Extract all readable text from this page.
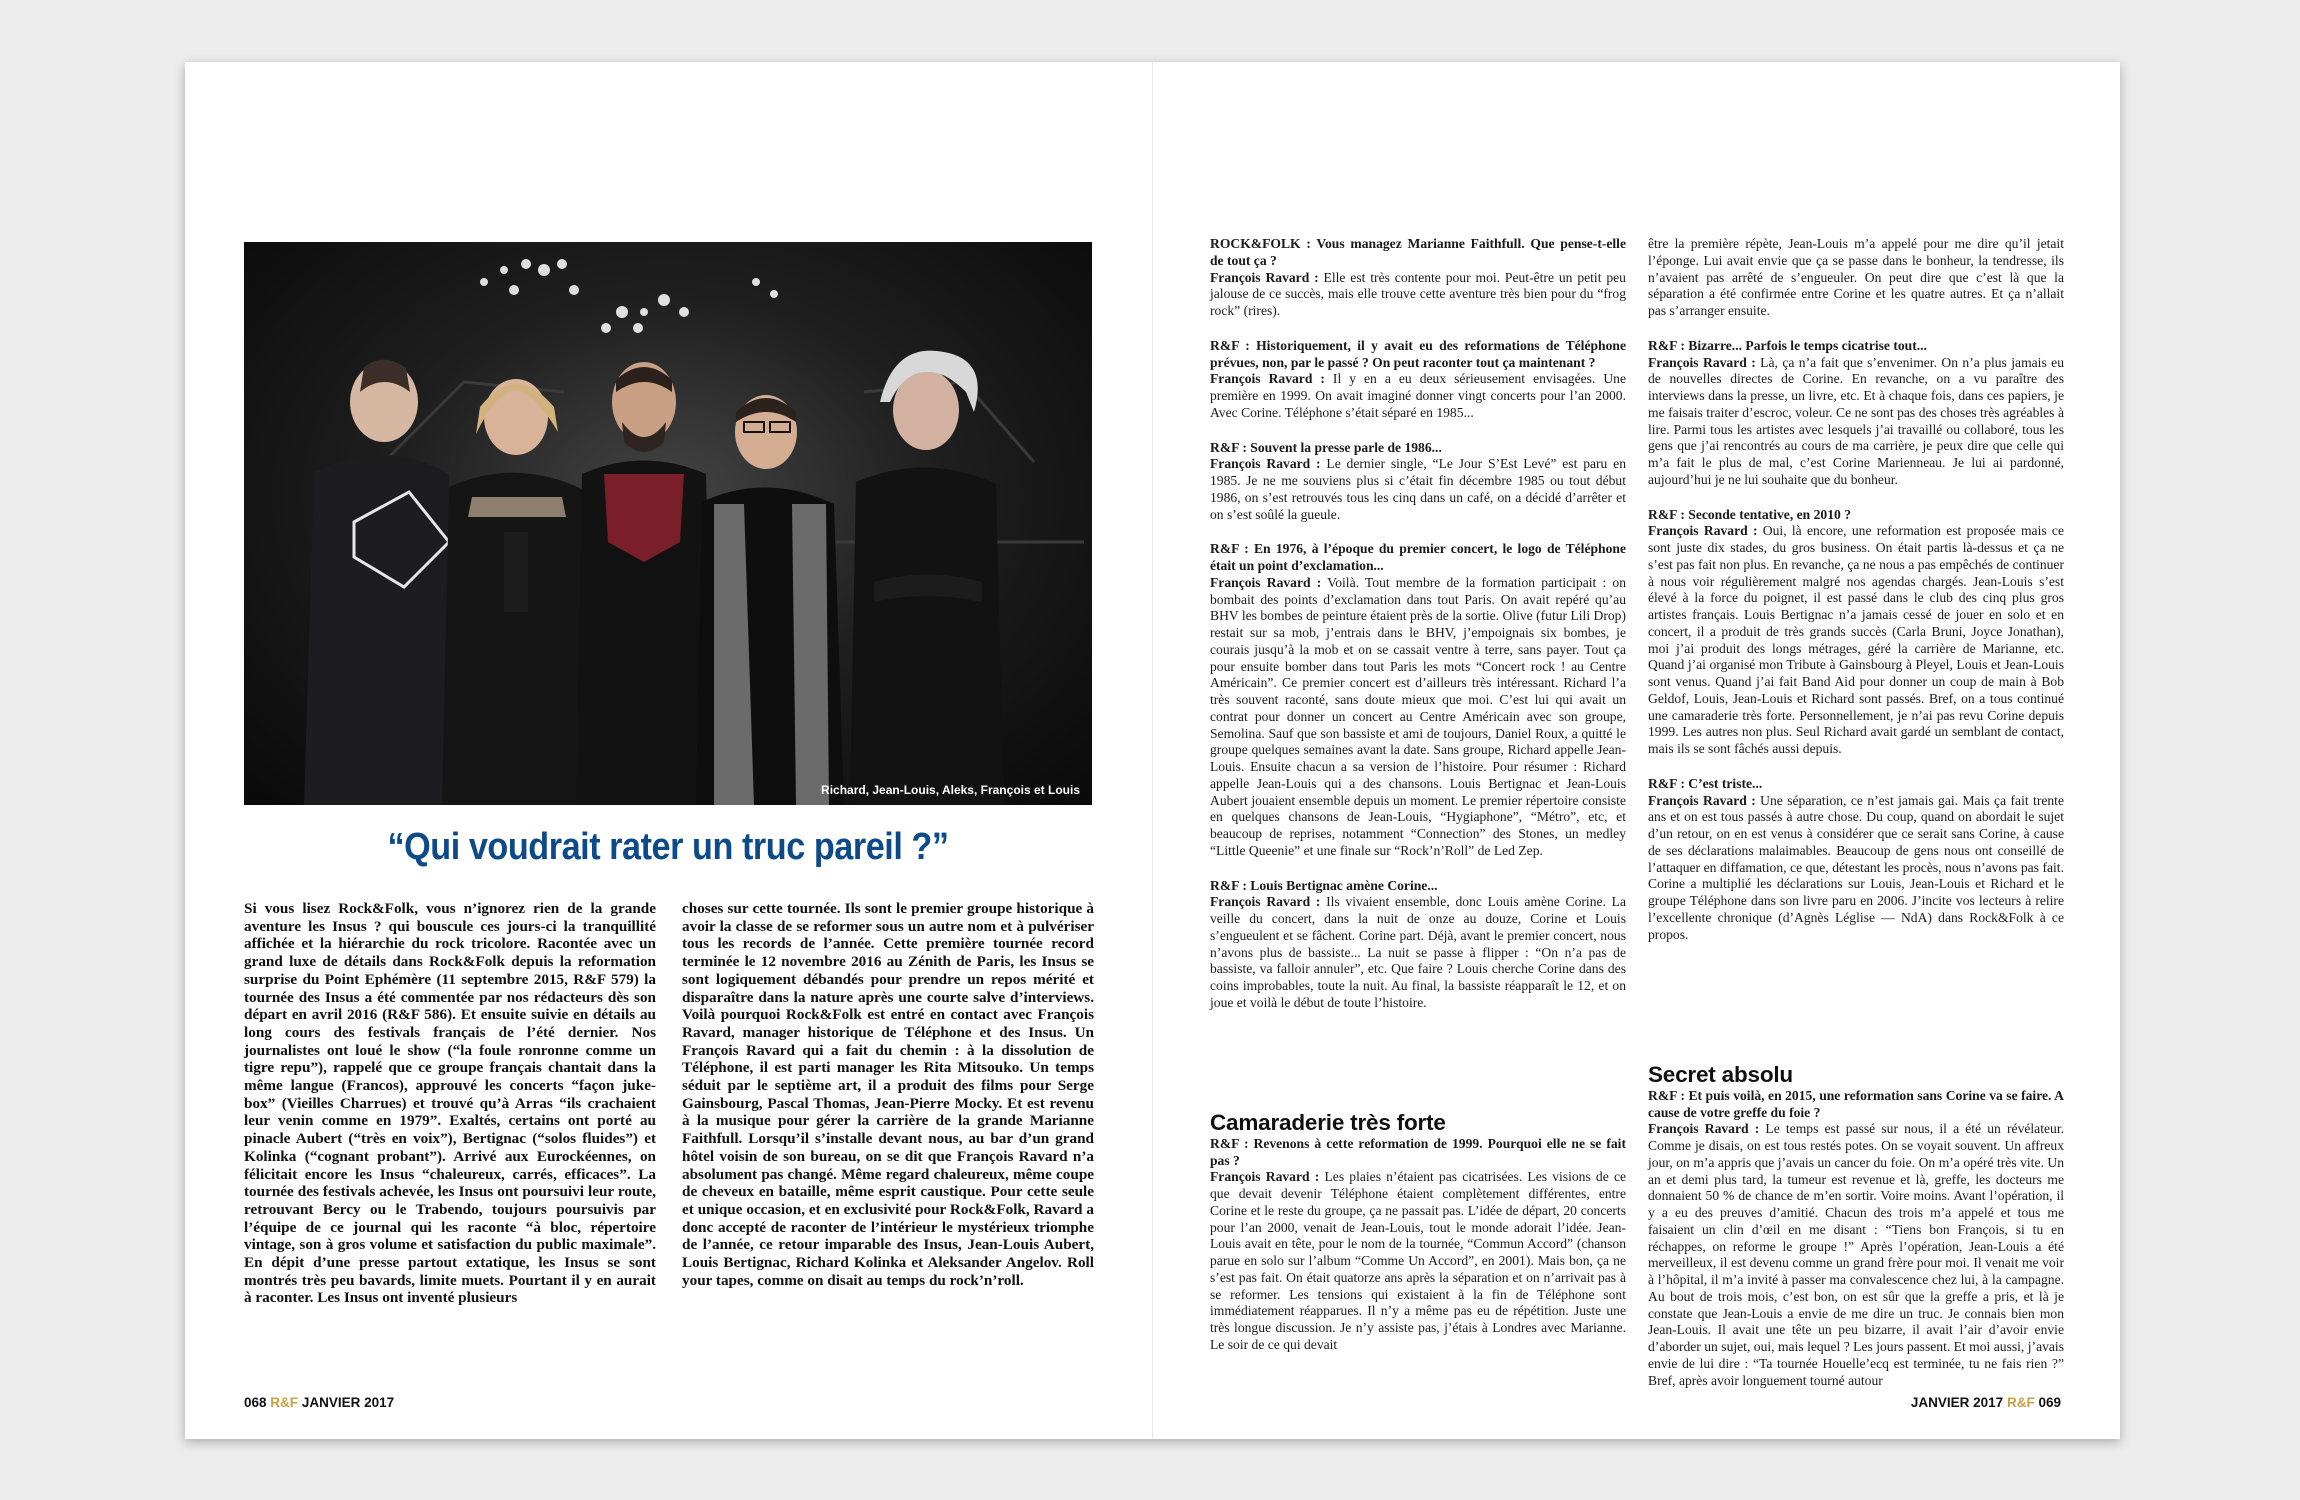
Richard, Jean-Louis, Aleks, François et Louis
“Qui voudrait rater un truc pareil ?”
Si vous lisez Rock&Folk, vous n’ignorez rien de la grande aventure les Insus ? qui bouscule ces jours-ci la tranquillité affichée et la hiérarchie du rock tricolore. Racontée avec un grand luxe de détails dans Rock&Folk depuis la reformation surprise du Point Ephémère (11 septembre 2015, R&F 579) la tournée des Insus a été commentée par nos rédacteurs dès son départ en avril 2016 (R&F 586). Et ensuite suivie en détails au long cours des festivals français de l’été dernier. Nos journalistes ont loué le show (“la foule ronronne comme un tigre repu”), rappelé que ce groupe français chantait dans la même langue (Francos), approuvé les concerts “façon juke-box” (Vieilles Charrues) et trouvé qu’à Arras “ils crachaient leur venin comme en 1979”. Exaltés, certains ont porté au pinacle Aubert (“très en voix”), Bertignac (“solos fluides”) et Kolinka (“cognant probant”). Arrivé aux Eurockéennes, on félicitait encore les Insus “chaleureux, carrés, efficaces”. La tournée des festivals achevée, les Insus ont poursuivi leur route, retrouvant Bercy ou le Trabendo, toujours poursuivis par l’équipe de ce journal qui les raconte “à bloc, répertoire vintage, son à gros volume et satisfaction du public maximale”. En dépit d’une presse partout extatique, les Insus se sont montrés très peu bavards, limite muets. Pourtant il y en aurait à raconter. Les Insus ont inventé plusieurs
choses sur cette tournée. Ils sont le premier groupe historique à avoir la classe de se reformer sous un autre nom et à pulvériser tous les records de l’année. Cette première tournée record terminée le 12 novembre 2016 au Zénith de Paris, les Insus se sont logiquement débandés pour prendre un repos mérité et disparaître dans la nature après une courte salve d’interviews. Voilà pourquoi Rock&Folk est entré en contact avec François Ravard, manager historique de Téléphone et des Insus. Un François Ravard qui a fait du chemin : à la dissolution de Téléphone, il est parti manager les Rita Mitsouko. Un temps séduit par le septième art, il a produit des films pour Serge Gainsbourg, Pascal Thomas, Jean-Pierre Mocky. Et est revenu à la musique pour gérer la carrière de la grande Marianne Faithfull. Lorsqu’il s’installe devant nous, au bar d’un grand hôtel voisin de son bureau, on se dit que François Ravard n’a absolument pas changé. Même regard chaleureux, même coupe de cheveux en bataille, même esprit caustique. Pour cette seule et unique occasion, et en exclusivité pour Rock&Folk, Ravard a donc accepté de raconter de l’intérieur le mystérieux triomphe de l’année, ce retour imparable des Insus, Jean-Louis Aubert, Louis Bertignac, Richard Kolinka et Aleksander Angelov. Roll your tapes, comme on disait au temps du rock’n’roll.

ROCK&FOLK : Vous managez Marianne Faithfull. Que pense-t-elle de tout ça ?
François Ravard : Elle est très contente pour moi. Peut-être un petit peu jalouse de ce succès, mais elle trouve cette aventure très bien pour du “frog rock” (rires).

R&F : Historiquement, il y avait eu des reformations de Téléphone prévues, non, par le passé ? On peut raconter tout ça maintenant ?
François Ravard : Il y en a eu deux sérieusement envisagées. Une première en 1999. On avait imaginé donner vingt concerts pour l’an 2000. Avec Corine. Téléphone s’était séparé en 1985...

R&F : Souvent la presse parle de 1986...
François Ravard : Le dernier single, “Le Jour S’Est Levé” est paru en 1985. Je ne me souviens plus si c’était fin décembre 1985 ou tout début 1986, on s’est retrouvés tous les cinq dans un café, on a décidé d’arrêter et on s’est soûlé la gueule.

R&F : En 1976, à l’époque du premier concert, le logo de Téléphone était un point d’exclamation...
François Ravard : Voilà. Tout membre de la formation participait : on bombait des points d’exclamation dans tout Paris. On avait repéré qu’au BHV les bombes de peinture étaient près de la sortie. Olive (futur Lili Drop) restait sur sa mob, j’entrais dans le BHV, j’empoignais six bombes, je courais jusqu’à la mob et on se cassait ventre à terre, sans payer. Tout ça pour ensuite bomber dans tout Paris les mots “Concert rock ! au Centre Américain”. Ce premier concert est d’ailleurs très intéressant. Richard l’a très souvent raconté, sans doute mieux que moi. C’est lui qui avait un contrat pour donner un concert au Centre Américain avec son groupe, Semolina. Sauf que son bassiste et ami de toujours, Daniel Roux, a quitté le groupe quelques semaines avant la date. Sans groupe, Richard appelle Jean-Louis. Ensuite chacun a sa version de l’histoire. Pour résumer : Richard appelle Jean-Louis qui a des chansons. Louis Bertignac et Jean-Louis Aubert jouaient ensemble depuis un moment. Le premier répertoire consiste en quelques chansons de Jean-Louis, “Hygiaphone”, “Métro”, etc, et beaucoup de reprises, notamment “Connection” des Stones, un medley “Little Queenie” et une finale sur “Rock’n’Roll” de Led Zep.

R&F : Louis Bertignac amène Corine...
François Ravard : Ils vivaient ensemble, donc Louis amène Corine. La veille du concert, dans la nuit de onze au douze, Corine et Louis s’engueulent et se fâchent. Corine part. Déjà, avant le premier concert, nous n’avons plus de bassiste... La nuit se passe à flipper : “On n’a pas de bassiste, va falloir annuler”, etc. Que faire ? Louis cherche Corine dans des coins improbables, toute la nuit. Au final, la bassiste réapparaît le 12, et on joue et voilà le début de toute l’histoire.

Camaraderie très forte

R&F : Revenons à cette reformation de 1999. Pourquoi elle ne se fait pas ?
François Ravard : Les plaies n’étaient pas cicatrisées. Les visions de ce que devait devenir Téléphone étaient complètement différentes, entre Corine et le reste du groupe, ça ne passait pas. L’idée de départ, 20 concerts pour l’an 2000, venait de Jean-Louis, tout le monde adorait l’idée. Jean-Louis avait en tête, pour le nom de la tournée, “Commun Accord” (chanson parue en solo sur l’album “Comme Un Accord”, en 2001). Mais bon, ça ne s’est pas fait. On était quatorze ans après la séparation et on n’arrivait pas à se reformer. Les tensions qui existaient à la fin de Téléphone sont immédiatement réapparues. Il n’y a même pas eu de répétition. Juste une très longue discussion. Je n’y assiste pas, j’étais à Londres avec Marianne. Le soir de ce qui devait

être la première répète, Jean-Louis m’a appelé pour me dire qu’il jetait l’éponge. Lui avait envie que ça se passe dans le bonheur, la tendresse, ils n’avaient pas arrêté de s’engueuler. On peut dire que c’est là que la séparation a été confirmée entre Corine et les quatre autres. Et ça n’allait pas s’arranger ensuite.

R&F : Bizarre... Parfois le temps cicatrise tout...
François Ravard : Là, ça n’a fait que s’envenimer. On n’a plus jamais eu de nouvelles directes de Corine. En revanche, on a vu paraître des interviews dans la presse, un livre, etc. Et à chaque fois, dans ces papiers, je me faisais traiter d’escroc, voleur. Ce ne sont pas des choses très agréables à lire. Parmi tous les artistes avec lesquels j’ai travaillé ou collaboré, tous les gens que j’ai rencontrés au cours de ma carrière, je peux dire que celle qui m’a fait le plus de mal, c’est Corine Marienneau. Je lui ai pardonné, aujourd’hui je ne lui souhaite que du bonheur.

R&F : Seconde tentative, en 2010 ?
François Ravard : Oui, là encore, une reformation est proposée mais ce sont juste dix stades, du gros business. On était partis là-dessus et ça ne s’est pas fait non plus. En revanche, ça ne nous a pas empêchés de continuer à nous voir régulièrement malgré nos agendas chargés. Jean-Louis s’est élevé à la force du poignet, il est passé dans le club des cinq plus gros artistes français. Louis Bertignac n’a jamais cessé de jouer en solo et en concert, il a produit de très grands succès (Carla Bruni, Joyce Jonathan), moi j’ai produit des longs métrages, géré la carrière de Marianne, etc. Quand j’ai organisé mon Tribute à Gainsbourg à Pleyel, Louis et Jean-Louis sont venus. Quand j’ai fait Band Aid pour donner un coup de main à Bob Geldof, Louis, Jean-Louis et Richard sont passés. Bref, on a tous continué une camaraderie très forte. Personnellement, je n’ai pas revu Corine depuis 1999. Les autres non plus. Seul Richard avait gardé un semblant de contact, mais ils se sont fâchés aussi depuis.

R&F : C’est triste...
François Ravard : Une séparation, ce n’est jamais gai. Mais ça fait trente ans et on est tous passés à autre chose. Du coup, quand on abordait le sujet d’un retour, on en est venus à considérer que ce serait sans Corine, à cause de ses déclarations malaimables. Beaucoup de gens nous ont conseillé de l’attaquer en diffamation, ce que, détestant les procès, nous n’avons pas fait. Corine a multiplié les déclarations sur Louis, Jean-Louis et Richard et le groupe Téléphone dans son livre paru en 2006. J’incite vos lecteurs à relire l’excellente chronique (d’Agnès Léglise — NdA) dans Rock&Folk à ce propos.

Secret absolu

R&F : Et puis voilà, en 2015, une reformation sans Corine va se faire. A cause de votre greffe du foie ?
François Ravard : Le temps est passé sur nous, il a été un révélateur. Comme je disais, on est tous restés potes. On se voyait souvent. Un affreux jour, on m’a appris que j’avais un cancer du foie. On m’a opéré très vite. Un an et demi plus tard, la tumeur est revenue et là, greffe, les docteurs me donnaient 50 % de chance de m’en sortir. Voire moins. Avant l’opération, il y a eu des preuves d’amitié. Chacun des trois m’a appelé et tous me faisaient un clin d’œil en me disant : “Tiens bon François, si tu en réchappes, on reforme le groupe !” Après l’opération, Jean-Louis a été merveilleux, il est devenu comme un grand frère pour moi. Il venait me voir à l’hôpital, il m’a invité à passer ma convalescence chez lui, à la campagne. Au bout de trois mois, c’est bon, on est sûr que la greffe a pris, et là je constate que Jean-Louis a envie de me dire un truc. Je connais bien mon Jean-Louis. Il avait une tête un peu bizarre, il avait l’air d’avoir envie d’aborder un sujet, oui, mais lequel ? Les jours passent. Et moi aussi, j’avais envie de lui dire : “Ta tournée Houelle’ecq est terminée, tu ne fais rien ?” Bref, après avoir longuement tourné autour

068 R&F JANVIER 2017	JANVIER 2017 R&F 069
